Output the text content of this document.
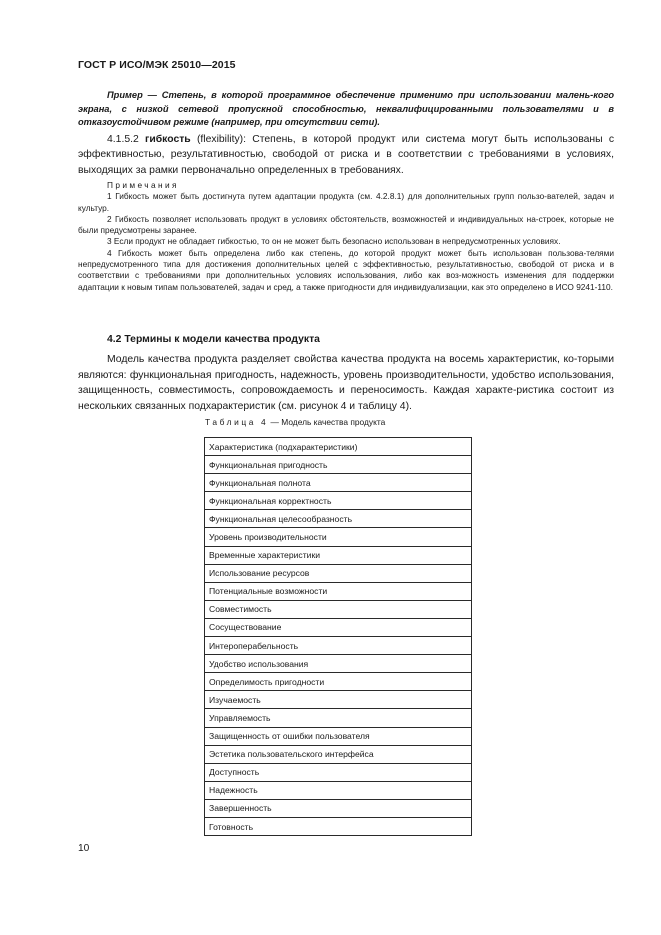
ГОСТ Р ИСО/МЭК 25010—2015
Пример — Степень, в которой программное обеспечение применимо при использовании малень-кого экрана, с низкой сетевой пропускной способностью, неквалифицированными пользователями и в отказоустойчивом режиме (например, при отсутствии сети).
4.1.5.2 гибкость (flexibility): Степень, в которой продукт или система могут быть использованы с эффективностью, результативностью, свободой от риска и в соответствии с требованиями в условиях, выходящих за рамки первоначально определенных в требованиях.
Примечания
1 Гибкость может быть достигнута путем адаптации продукта (см. 4.2.8.1) для дополнительных групп пользо-вателей, задач и культур.
2 Гибкость позволяет использовать продукт в условиях обстоятельств, возможностей и индивидуальных на-строек, которые не были предусмотрены заранее.
3 Если продукт не обладает гибкостью, то он не может быть безопасно использован в непредусмотренных условиях.
4 Гибкость может быть определена либо как степень, до которой продукт может быть использован пользова-телями непредусмотренного типа для достижения дополнительных целей с эффективностью, результативностью, свободой от риска и в соответствии с требованиями при дополнительных условиях использования, либо как воз-можность изменения для поддержки адаптации к новым типам пользователей, задач и сред, а также пригодности для индивидуализации, как это определено в ИСО 9241-110.
4.2 Термины к модели качества продукта
Модель качества продукта разделяет свойства качества продукта на восемь характеристик, ко-торыми являются: функциональная пригодность, надежность, уровень производительности, удобство использования, защищенность, совместимость, сопровождаемость и переносимость. Каждая характе-ристика состоит из нескольких связанных подхарактеристик (см. рисунок 4 и таблицу 4).
Таблица 4 — Модель качества продукта
Характеристика (подхарактеристики)
Функциональная пригодность
Функциональная полнота
Функциональная корректность
Функциональная целесообразность
Уровень производительности
Временные характеристики
Использование ресурсов
Потенциальные возможности
Совместимость
Сосуществование
Интероперабельность
Удобство использования
Определимость пригодности
Изучаемость
Управляемость
Защищенность от ошибки пользователя
Эстетика пользовательского интерфейса
Доступность
Надежность
Завершенность
Готовность
10
